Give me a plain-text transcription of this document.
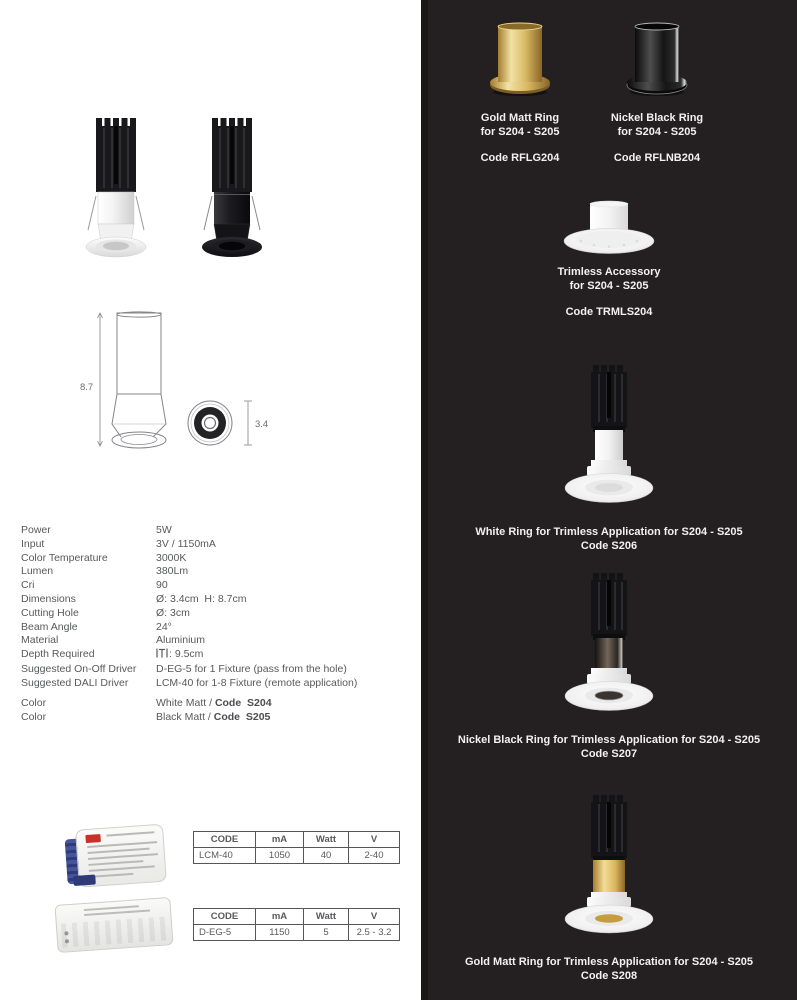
8.7
3.4
Power	5W
Input	3V / 1150mA
Color Temperature	3000K
Lumen	380Lm
Cri	90
Dimensions	Ø: 3.4cm  H: 8.7cm
Cutting Hole	Ø: 3cm
Beam Angle	24°
Material	Aluminium
Depth Required	: 9.5cm
Suggested On-Off Driver	D-EG-5 for 1 Fixture (pass from the hole)
Suggested DALI Driver	LCM-40 for 1-8 Fixture (remote application)
Color	White Matt / Code  S204
Color	Black Matt / Code  S205
CODE	mA	Watt	V
LCM-40	1050	40	2-40
CODE	mA	Watt	V
D-EG-5	1150	5	2.5 - 3.2
Gold Matt Ring
for S204 - S205
Code RFLG204
Nickel Black Ring
for S204 - S205
Code RFLNB204
Trimless Accessory
for S204 - S205
Code TRMLS204
White Ring for Trimless Application for S204 - S205
Code S206
Nickel Black Ring for Trimless Application for S204 - S205
Code S207
Gold Matt Ring for Trimless Application for S204 - S205
Code S208
